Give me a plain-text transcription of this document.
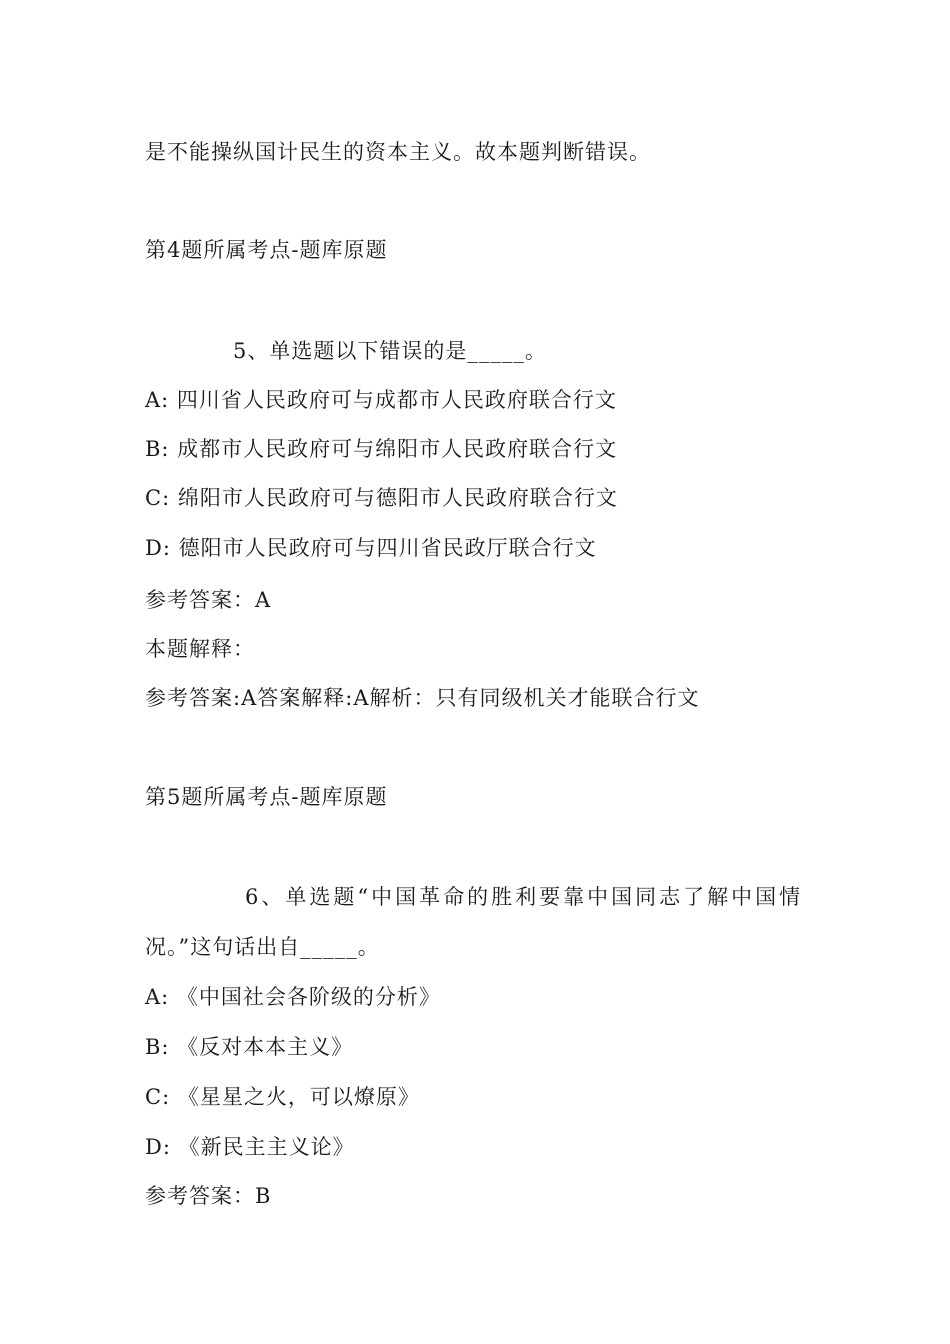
是不能操纵国计民生的资本主义。故本题判断错误。
第4题所属考点-题库原题
5、单选题以下错误的是_____。
A: 四川省人民政府可与成都市人民政府联合行文
B: 成都市人民政府可与绵阳市人民政府联合行文
C: 绵阳市人民政府可与德阳市人民政府联合行文
D: 德阳市人民政府可与四川省民政厅联合行文
参考答案：A
本题解释：
参考答案:A答案解释:A解析：只有同级机关才能联合行文
第5题所属考点-题库原题
6、单选题“中国革命的胜利要靠中国同志了解中国情
况。”这句话出自_____。
A: 《中国社会各阶级的分析》
B: 《反对本本主义》
C: 《星星之火，可以燎原》
D: 《新民主主义论》
参考答案：B
